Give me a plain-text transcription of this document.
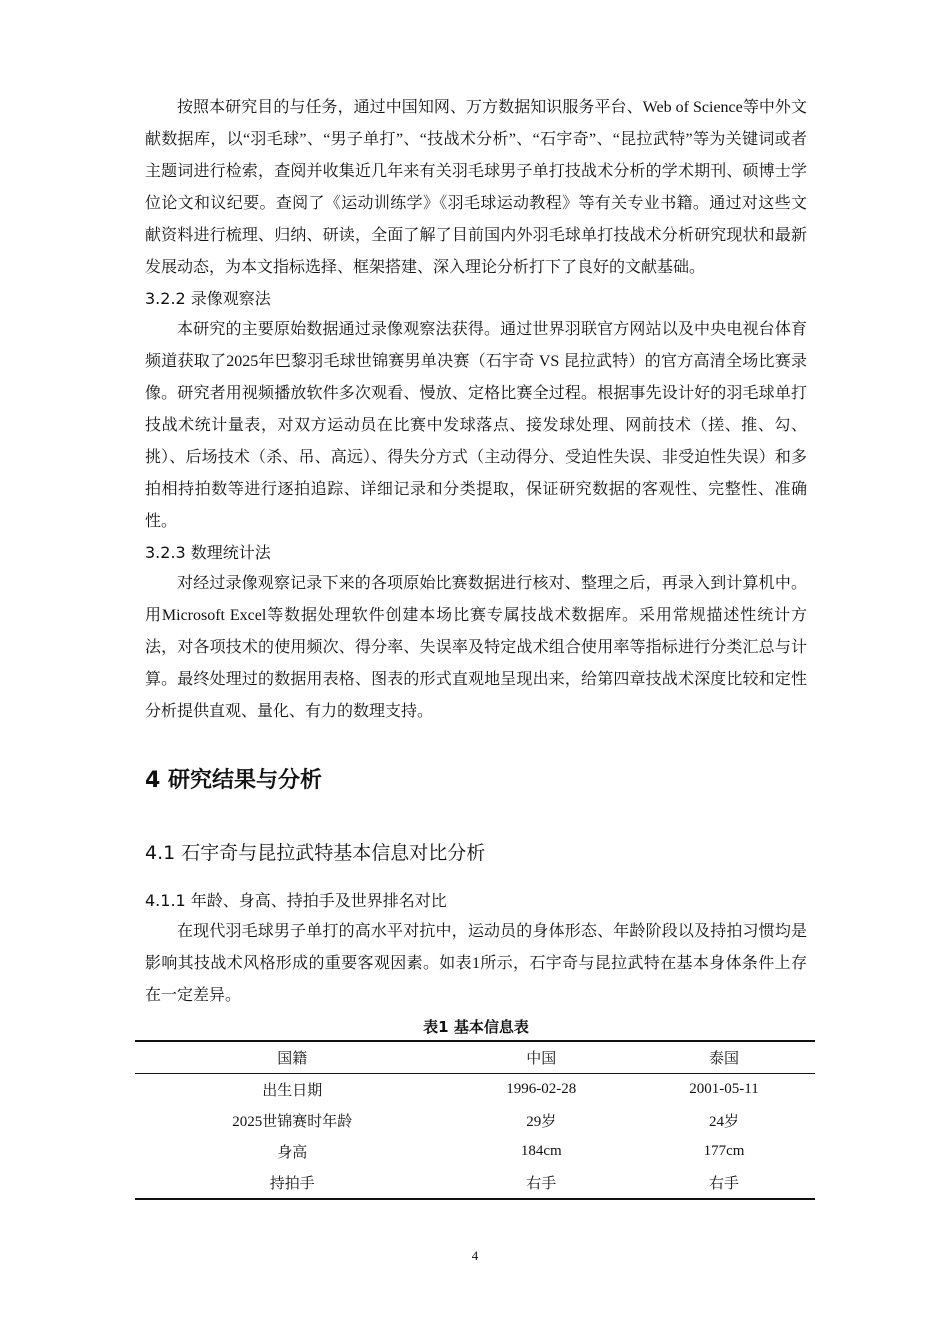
按照本研究目的与任务，通过中国知网、万方数据知识服务平台、Web of Science等中外文献数据库，以“羽毛球”、“男子单打”、“技战术分析”、“石宇奇”、“昆拉武特”等为关键词或者主题词进行检索，查阅并收集近几年来有关羽毛球男子单打技战术分析的学术期刊、硕博士学位论文和议纪要。查阅了《运动训练学》《羽毛球运动教程》等有关专业书籍。通过对这些文献资料进行梳理、归纳、研读，全面了解了目前国内外羽毛球单打技战术分析研究现状和最新发展动态，为本文指标选择、框架搭建、深入理论分析打下了良好的文献基础。

3.2.2 录像观察法

本研究的主要原始数据通过录像观察法获得。通过世界羽联官方网站以及中央电视台体育频道获取了2025年巴黎羽毛球世锦赛男单决赛（石宇奇 VS 昆拉武特）的官方高清全场比赛录像。研究者用视频播放软件多次观看、慢放、定格比赛全过程。根据事先设计好的羽毛球单打技战术统计量表，对双方运动员在比赛中发球落点、接发球处理、网前技术（搓、推、勾、挑）、后场技术（杀、吊、高远）、得失分方式（主动得分、受迫性失误、非受迫性失误）和多拍相持拍数等进行逐拍追踪、详细记录和分类提取，保证研究数据的客观性、完整性、准确性。

3.2.3 数理统计法

对经过录像观察记录下来的各项原始比赛数据进行核对、整理之后，再录入到计算机中。用Microsoft Excel等数据处理软件创建本场比赛专属技战术数据库。采用常规描述性统计方法，对各项技术的使用频次、得分率、失误率及特定战术组合使用率等指标进行分类汇总与计算。最终处理过的数据用表格、图表的形式直观地呈现出来，给第四章技战术深度比较和定性分析提供直观、量化、有力的数理支持。

4 研究结果与分析
4.1 石宇奇与昆拉武特基本信息对比分析
4.1.1 年龄、身高、持拍手及世界排名对比

在现代羽毛球男子单打的高水平对抗中，运动员的身体形态、年龄阶段以及持拍习惯均是影响其技战术风格形成的重要客观因素。如表1所示，石宇奇与昆拉武特在基本身体条件上存在一定差异。

表1 基本信息表
国籍	中国	泰国
出生日期	1996-02-28	2001-05-11
2025世锦赛时年龄	29岁	24岁
身高	184cm	177cm
持拍手	右手	右手
4
